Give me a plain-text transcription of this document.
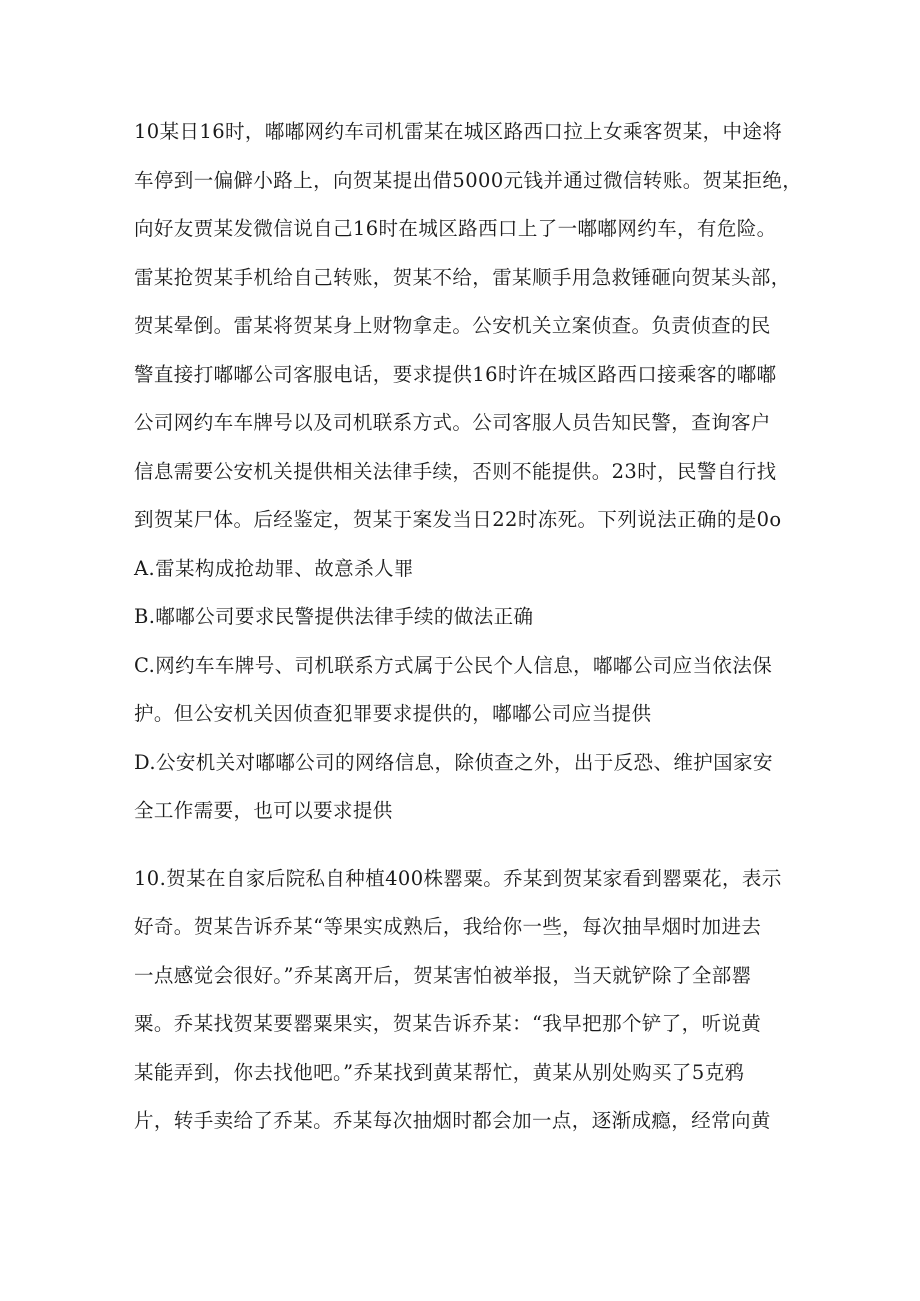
10某日16时，嘟嘟网约车司机雷某在城区路西口拉上女乘客贺某，中途将
车停到一偏僻小路上，向贺某提出借5000元钱并通过微信转账。贺某拒绝，
向好友贾某发微信说自己16时在城区路西口上了一嘟嘟网约车，有危险。
雷某抢贺某手机给自己转账，贺某不给，雷某顺手用急救锤砸向贺某头部，
贺某晕倒。雷某将贺某身上财物拿走。公安机关立案侦查。负责侦查的民
警直接打嘟嘟公司客服电话，要求提供16时许在城区路西口接乘客的嘟嘟
公司网约车车牌号以及司机联系方式。公司客服人员告知民警，查询客户
信息需要公安机关提供相关法律手续，否则不能提供。23时，民警自行找
到贺某尸体。后经鉴定，贺某于案发当日22时冻死。下列说法正确的是0o
A.雷某构成抢劫罪、故意杀人罪
B.嘟嘟公司要求民警提供法律手续的做法正确
C.网约车车牌号、司机联系方式属于公民个人信息，嘟嘟公司应当依法保
护。但公安机关因侦查犯罪要求提供的，嘟嘟公司应当提供
D.公安机关对嘟嘟公司的网络信息，除侦查之外，出于反恐、维护国家安
全工作需要，也可以要求提供
10.贺某在自家后院私自种植400株罂粟。乔某到贺某家看到罂粟花，表示
好奇。贺某告诉乔某“等果实成熟后，我给你一些，每次抽旱烟时加进去
一点感觉会很好。”乔某离开后，贺某害怕被举报，当天就铲除了全部罂
粟。乔某找贺某要罂粟果实，贺某告诉乔某：“我早把那个铲了，听说黄
某能弄到，你去找他吧。”乔某找到黄某帮忙，黄某从别处购买了5克鸦
片，转手卖给了乔某。乔某每次抽烟时都会加一点，逐渐成瘾，经常向黄
